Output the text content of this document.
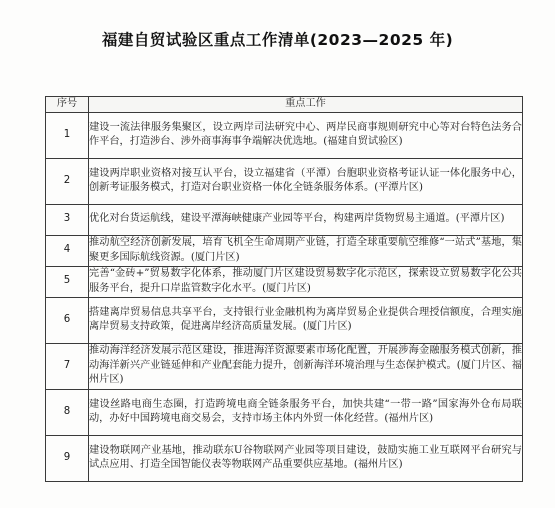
福建自贸试验区重点工作清单(2023—2025 年)
序号	重点工作
1	建设一流法律服务集聚区，设立两岸司法研究中心、两岸民商事规则研究中心等对台特色法务合作平台，打造涉台、涉外商事海事争端解决优选地。(福建自贸试验区)
2	建设两岸职业资格对接互认平台，设立福建省（平潭）台胞职业资格考证认证一体化服务中心，创新考证服务模式，打造对台职业资格一体化全链条服务体系。(平潭片区)
3	优化对台货运航线，建设平潭海峡健康产业园等平台，构建两岸货物贸易主通道。(平潭片区)
4	推动航空经济创新发展，培育飞机全生命周期产业链，打造全球重要航空维修“一站式”基地，集聚更多国际航线资源。(厦门片区)
5	完善“金砖+”贸易数字化体系，推动厦门片区建设贸易数字化示范区，探索设立贸易数字化公共服务平台，提升口岸监管数字化水平。(厦门片区)
6	搭建离岸贸易信息共享平台，支持银行业金融机构为离岸贸易企业提供合理授信额度，合理实施离岸贸易支持政策，促进离岸经济高质量发展。(厦门片区)
7	推动海洋经济发展示范区建设，推进海洋资源要素市场化配置，开展涉海金融服务模式创新，推动海洋新兴产业链延伸和产业配套能力提升，创新海洋环境治理与生态保护模式。(厦门片区、福州片区)
8	建设丝路电商生态圈，打造跨境电商全链条服务平台，加快共建“一带一路”国家海外仓布局联动，办好中国跨境电商交易会，支持市场主体内外贸一体化经营。(福州片区)
9	建设物联网产业基地，推动联东U谷物联网产业园等项目建设，鼓励实施工业互联网平台研究与试点应用、打造全国智能仪表等物联网产品重要供应基地。(福州片区)
